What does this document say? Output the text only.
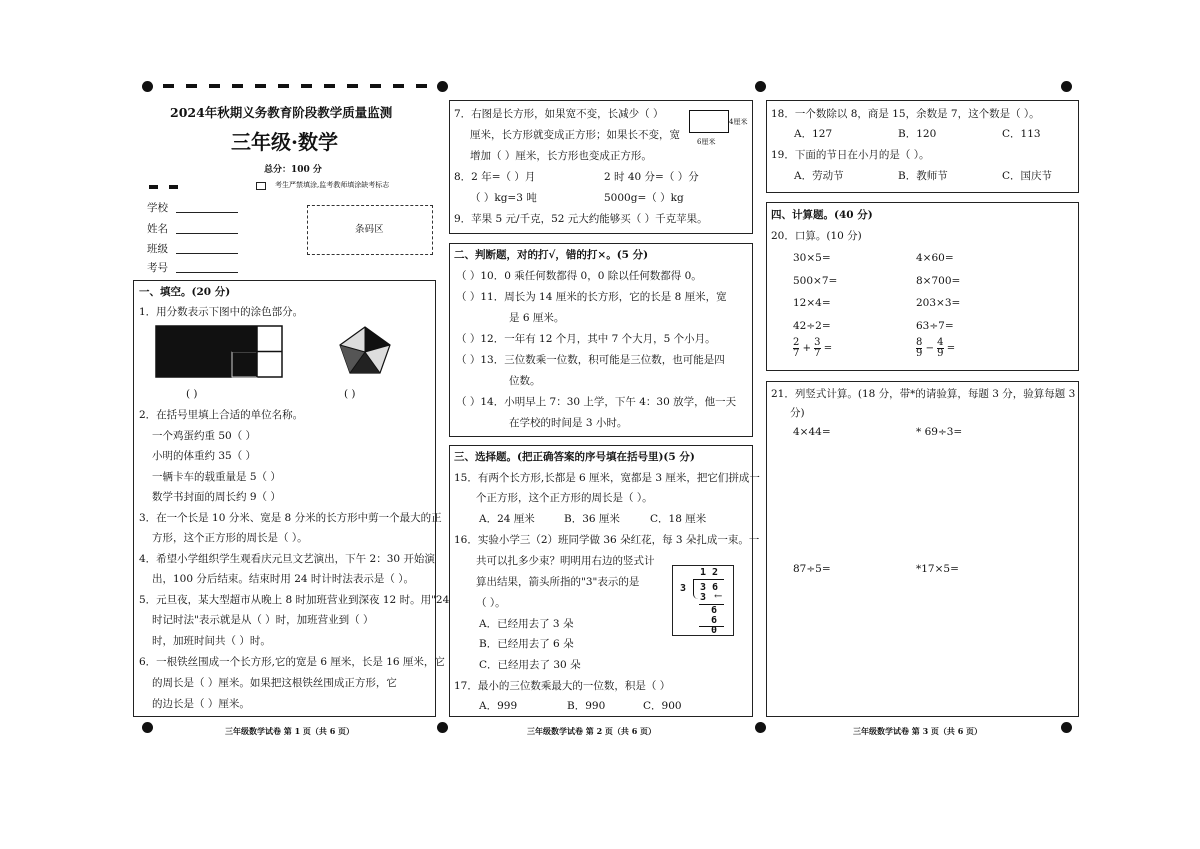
2024年秋期义务教育阶段教学质量监测
三年级·数学
总分：100 分
考生严禁填涂,监考教师填涂缺考标志
学校
姓名
班级
考号
条码区
一、填空。(20 分)
1．用分数表示下图中的涂色部分。
( )	( )
2．在括号里填上合适的单位名称。
一个鸡蛋约重 50（ ）
小明的体重约 35（ ）
一辆卡车的载重量是 5（ ）
数学书封面的周长约 9（ ）
3．在一个长是 10 分米、宽是 8 分米的长方形中剪一个最大的正
方形，这个正方形的周长是（ ）。
4．希望小学组织学生观看庆元旦文艺演出，下午 2：30 开始演
出，100 分后结束。结束时用 24 时计时法表示是（ ）。
5．元旦夜，某大型超市从晚上 8 时加班营业到深夜 12 时。用"24
时记时法"表示就是从（ ）时，加班营业到（ ）
时，加班时间共（ ）时。
6．一根铁丝围成一个长方形,它的宽是 6 厘米，长是 16 厘米，它
的周长是（ ）厘米。如果把这根铁丝围成正方形，它
的边长是（ ）厘米。
三年级数学试卷 第 1 页（共 6 页）
7．右图是长方形，如果宽不变，长减少（ ）
4厘米
6厘米
厘米，长方形就变成正方形；如果长不变，宽
增加（ ）厘米，长方形也变成正方形。
8．2 年=（ ）月	2 时 40 分=（ ）分
（ ）kg=3 吨	5000g=（ ）kg
9．苹果 5 元/千克，52 元大约能够买（ ）千克苹果。
二、判断题，对的打√，错的打×。(5 分)
（ ）10．0 乘任何数都得 0，0 除以任何数都得 0。
（ ）11．周长为 14 厘米的长方形，它的长是 8 厘米，宽
是 6 厘米。
（ ）12．一年有 12 个月，其中 7 个大月，5 个小月。
（ ）13．三位数乘一位数，积可能是三位数，也可能是四
位数。
（ ）14．小明早上 7：30 上学，下午 4：30 放学，他一天
在学校的时间是 3 小时。
三、选择题。(把正确答案的序号填在括号里)(5 分)
15．有两个长方形,长都是 6 厘米，宽都是 3 厘米，把它们拼成一
个正方形，这个正方形的周长是（ ）。
A．24 厘米	B．36 厘米	C．18 厘米
16．实验小学三（2）班同学做 36 朵红花，每 3 朵扎成一束。一
共可以扎多少束？明明用右边的竖式计
算出结果，箭头所指的"3"表示的是
（ ）。
A．已经用去了 3 朵
B．已经用去了 6 朵
C．已经用去了 30 朵
1 2
3 3 6
3 ←
6
6
0
17．最小的三位数乘最大的一位数，积是（ ）
A．999	B．990	C．900
三年级数学试卷 第 2 页（共 6 页）
18．一个数除以 8，商是 15，余数是 7，这个数是（ ）。
A．127	B．120	C．113
19．下面的节日在小月的是（ ）。
A．劳动节	B．教师节	C．国庆节
四、计算题。(40 分)
20．口算。(10 分)
30×5=	4×60=
500×7=	8×700=
12×4=	203×3=
42÷2=	63÷7=
$\frac{2}{7} + \frac{3}{7}$ =	$\frac{8}{9} - \frac{4}{9}$ =
21．列竖式计算。(18 分，带*的请验算，每题 3 分，验算每题 3
分)
4×44=	* 69÷3=
87÷5=	*17×5=
三年级数学试卷 第 3 页（共 6 页）
